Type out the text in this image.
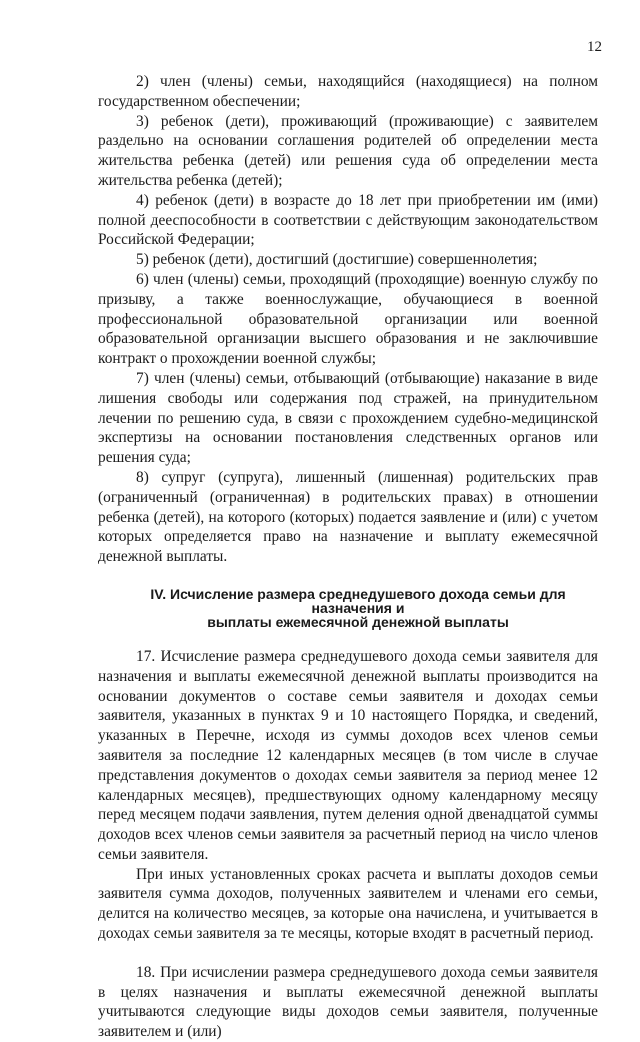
12

2) член (члены) семьи, находящийся (находящиеся) на полном государственном обеспечении;

3) ребенок (дети), проживающий (проживающие) с заявителем раздельно на основании соглашения родителей об определении места жительства ребенка (детей) или решения суда об определении места жительства ребенка (детей);

4) ребенок (дети) в возрасте до 18 лет при приобретении им (ими) полной дееспособности в соответствии с действующим законодательством Российской Федерации;

5) ребенок (дети), достигший (достигшие) совершеннолетия;

6) член (члены) семьи, проходящий (проходящие) военную службу по призыву, а также военнослужащие, обучающиеся в военной профессиональной образовательной организации или военной образовательной организации высшего образования и не заключившие контракт о прохождении военной службы;

7) член (члены) семьи, отбывающий (отбывающие) наказание в виде лишения свободы или содержания под стражей, на принудительном лечении по решению суда, в связи с прохождением судебно-медицинской экспертизы на основании постановления следственных органов или решения суда;

8) супруг (супруга), лишенный (лишенная) родительских прав (ограниченный (ограниченная) в родительских правах) в отношении ребенка (детей), на которого (которых) подается заявление и (или) с учетом которых определяется право на назначение и выплату ежемесячной денежной выплаты.

IV. Исчисление размера среднедушевого дохода семьи для назначения и
выплаты ежемесячной денежной выплаты

17. Исчисление размера среднедушевого дохода семьи заявителя для назначения и выплаты ежемесячной денежной выплаты производится на основании документов о составе семьи заявителя и доходах семьи заявителя, указанных в пунктах 9 и 10 настоящего Порядка, и сведений, указанных в Перечне, исходя из суммы доходов всех членов семьи заявителя за последние 12 календарных месяцев (в том числе в случае представления документов о доходах семьи заявителя за период менее 12 календарных месяцев), предшествующих одному календарному месяцу перед месяцем подачи заявления, путем деления одной двенадцатой суммы доходов всех членов семьи заявителя за расчетный период на число членов семьи заявителя.

При иных установленных сроках расчета и выплаты доходов семьи заявителя сумма доходов, полученных заявителем и членами его семьи, делится на количество месяцев, за которые она начислена, и учитывается в доходах семьи заявителя за те месяцы, которые входят в расчетный период.

18. При исчислении размера среднедушевого дохода семьи заявителя в целях назначения и выплаты ежемесячной денежной выплаты учитываются следующие виды доходов семьи заявителя, полученные заявителем и (или)
